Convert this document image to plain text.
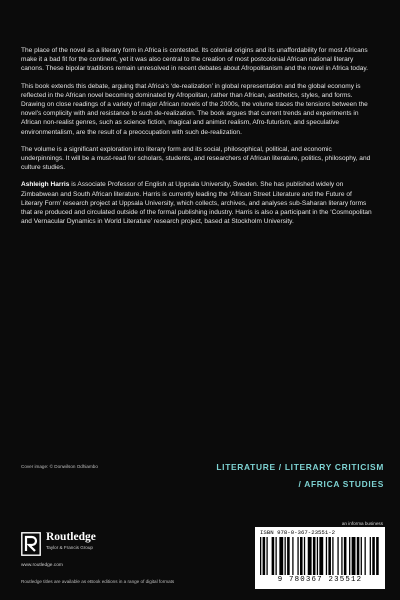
The place of the novel as a literary form in Africa is contested. Its colonial origins and its unaffordability for most Africans make it a bad fit for the continent, yet it was also central to the creation of most postcolonial African national literary canons. These bipolar traditions remain unresolved in recent debates about Afropolitanism and the novel in Africa today.

This book extends this debate, arguing that Africa’s ‘de-realization’ in global representation and the global economy is reflected in the African novel becoming dominated by Afropolitan, rather than African, aesthetics, styles, and forms. Drawing on close readings of a variety of major African novels of the 2000s, the volume traces the tensions between the novel’s complicity with and resistance to such de-realization. The book argues that current trends and experiments in African non-realist genres, such as science fiction, magical and animist realism, Afro-futurism, and speculative environmentalism, are the result of a preoccupation with such de-realization.

The volume is a significant exploration into literary form and its social, philosophical, political, and economic underpinnings. It will be a must-read for scholars, students, and researchers of African literature, politics, philosophy, and culture studies.

Ashleigh Harris is Associate Professor of English at Uppsala University, Sweden. She has published widely on Zimbabwean and South African literature. Harris is currently leading the ‘African Street Literature and the Future of Literary Form’ research project at Uppsala University, which collects, archives, and analyses sub-Saharan literary forms that are produced and circulated outside of the formal publishing industry. Harris is also a participant in the ‘Cosmopolitan and Vernacular Dynamics in World Literature’ research project, based at Stockholm University.

Cover image: © Donwilson Odhiambo	LITERATURE / LITERARY CRITICISM
/ AFRICA STUDIES
Routledge
Taylor & Francis Group
www.routledge.com
Routledge titles are available as eBook editions in a range of digital formats
an informa business
ISBN 978-0-367-23551-2
9 780367 235512
